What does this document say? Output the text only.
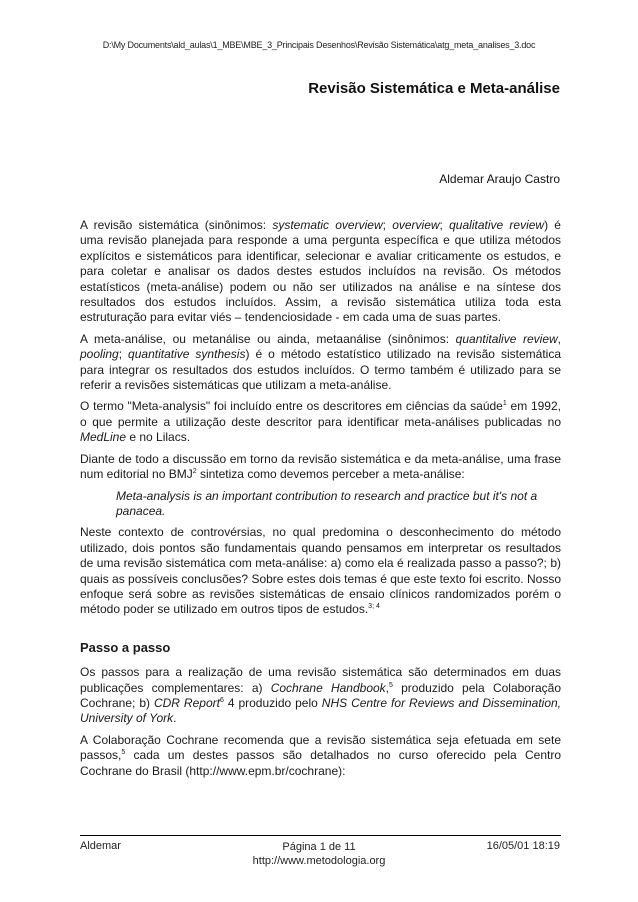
D:\My Documents\ald_aulas\1_MBE\MBE_3_Principais Desenhos\Revisão Sistemática\atg_meta_analises_3.doc
Revisão Sistemática e Meta-análise
Aldemar Araujo Castro

A revisão sistemática (sinônimos: systematic overview; overview; qualitative review) é uma revisão planejada para responde a uma pergunta específica e que utiliza métodos explícitos e sistemáticos para identificar, selecionar e avaliar criticamente os estudos, e para coletar e analisar os dados destes estudos incluídos na revisão. Os métodos estatísticos (meta-análise) podem ou não ser utilizados na análise e na síntese dos resultados dos estudos incluídos. Assim, a revisão sistemática utiliza toda esta estruturação para evitar viés – tendenciosidade - em cada uma de suas partes.

A meta-análise, ou metanálise ou ainda, metaanálise (sinônimos: quantitalive review, pooling; quantitative synthesis) é o método estatístico utilizado na revisão sistemática para integrar os resultados dos estudos incluídos. O termo também é utilizado para se referir a revisões sistemáticas que utilizam a meta-análise.

O termo "Meta-analysis" foi incluído entre os descritores em ciências da saúde$^1$ em 1992, o que permite a utilização deste descritor para identificar meta-análises publicadas no MedLine e no Lilacs.

Diante de todo a discussão em torno da revisão sistemática e da meta-análise, uma frase num editorial no BMJ$^2$ sintetiza como devemos perceber a meta-análise:

Meta-analysis is an important contribution to research and practice but it's not a panacea.

Neste contexto de controvérsias, no qual predomina o desconhecimento do método utilizado, dois pontos são fundamentais quando pensamos em interpretar os resultados de uma revisão sistemática com meta-análise: a) como ela é realizada passo a passo?; b) quais as possíveis conclusões? Sobre estes dois temas é que este texto foi escrito. Nosso enfoque será sobre as revisões sistemáticas de ensaio clínicos randomizados porém o método poder se utilizado em outros tipos de estudos.$^{3; 4}$

Passo a passo

Os passos para a realização de uma revisão sistemática são determinados em duas publicações complementares: a) Cochrane Handbook,$^5$ produzido pela Colaboração Cochrane; b) CDR Report$^6$ 4 produzido pelo NHS Centre for Reviews and Dissemination, University of York.

A Colaboração Cochrane recomenda que a revisão sistemática seja efetuada em sete passos,$^5$ cada um destes passos são detalhados no curso oferecido pela Centro Cochrane do Brasil (http://www.epm.br/cochrane):

Aldemar	Página 1 de 11
http://www.metodologia.org
16/05/01 18:19
